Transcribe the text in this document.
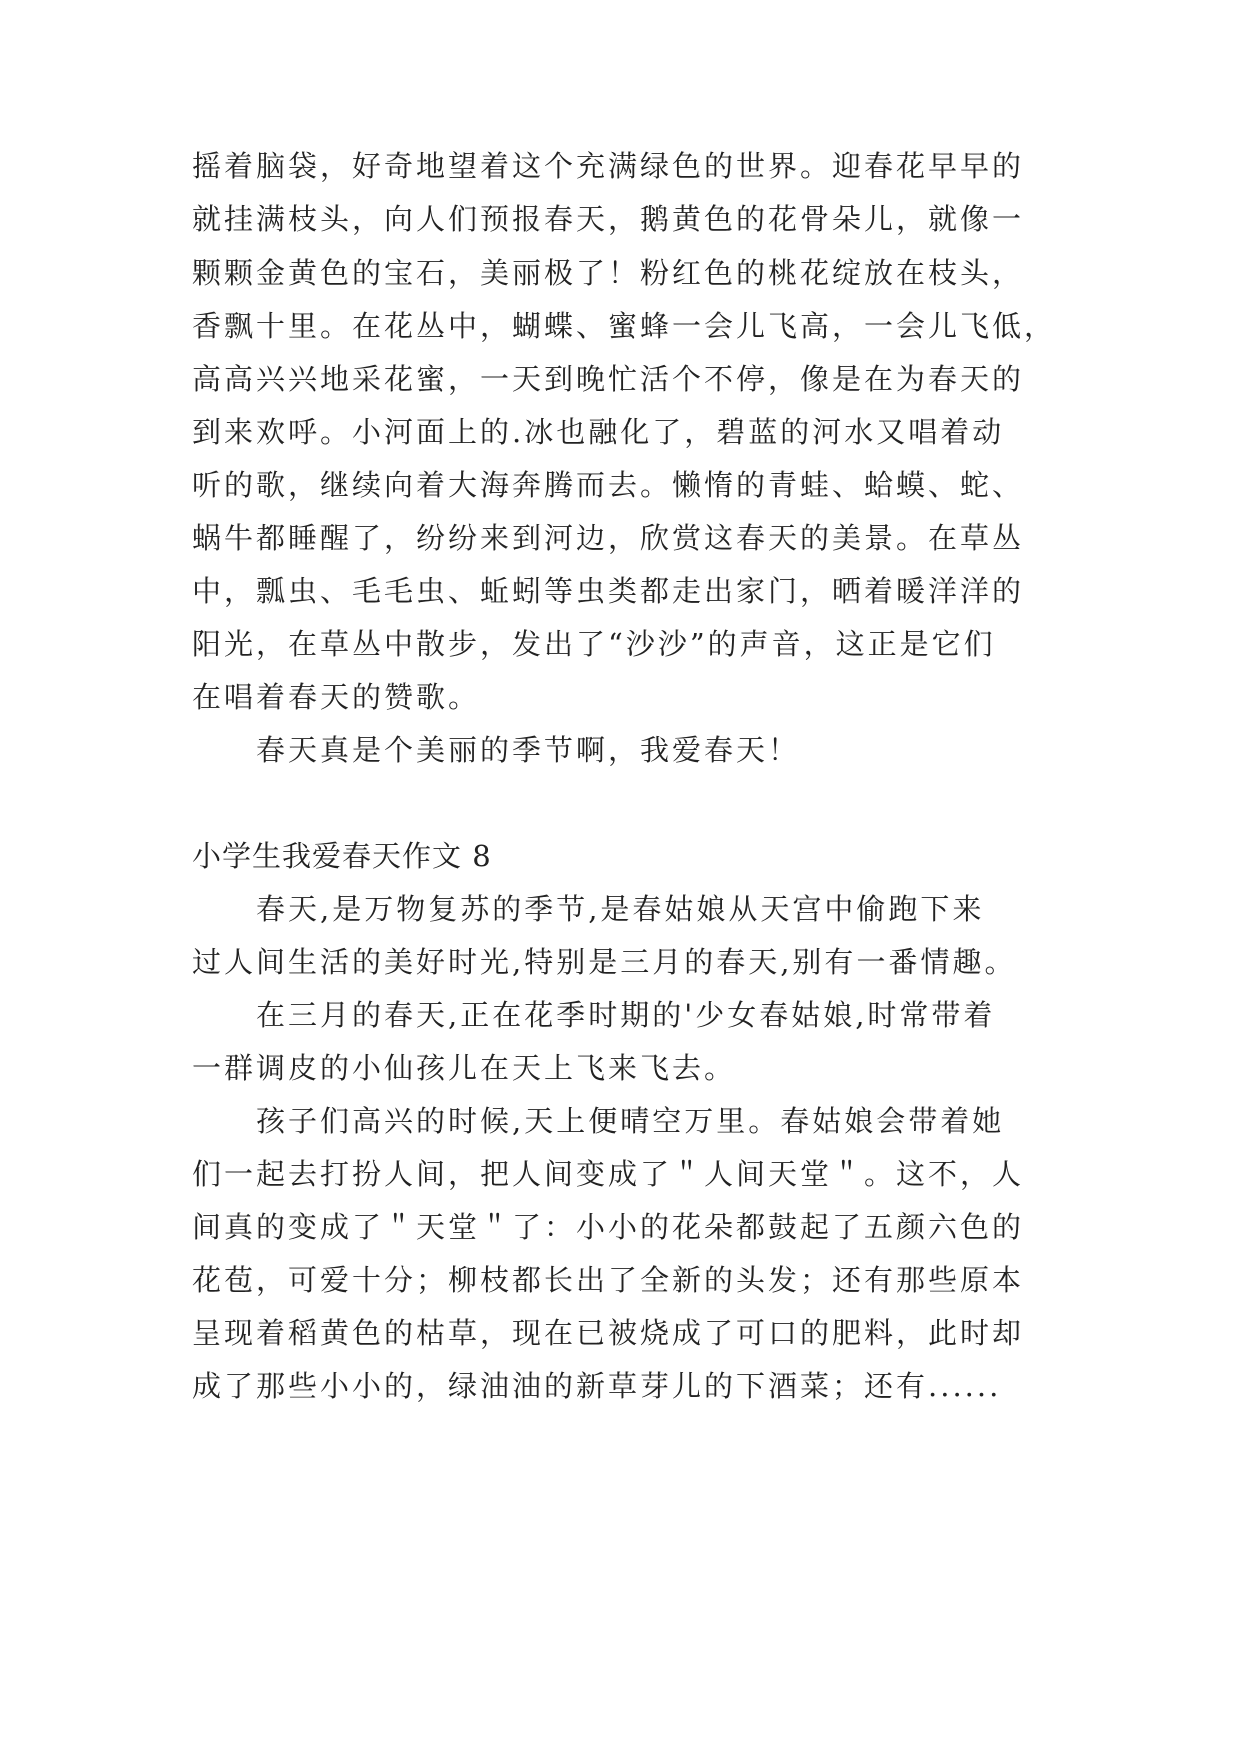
摇着脑袋，好奇地望着这个充满绿色的世界。迎春花早早的
就挂满枝头，向人们预报春天，鹅黄色的花骨朵儿，就像一
颗颗金黄色的宝石，美丽极了！粉红色的桃花绽放在枝头，
香飘十里。在花丛中，蝴蝶、蜜蜂一会儿飞高，一会儿飞低，
高高兴兴地采花蜜，一天到晚忙活个不停，像是在为春天的
到来欢呼。小河面上的.冰也融化了，碧蓝的河水又唱着动
听的歌，继续向着大海奔腾而去。懒惰的青蛙、蛤蟆、蛇、
蜗牛都睡醒了，纷纷来到河边，欣赏这春天的美景。在草丛
中，瓢虫、毛毛虫、蚯蚓等虫类都走出家门，晒着暖洋洋的
阳光，在草丛中散步，发出了“沙沙”的声音，这正是它们
在唱着春天的赞歌。
春天真是个美丽的季节啊，我爱春天！
小学生我爱春天作文 8
春天,是万物复苏的季节,是春姑娘从天宫中偷跑下来
过人间生活的美好时光,特别是三月的春天,别有一番情趣。
在三月的春天,正在花季时期的'少女春姑娘,时常带着
一群调皮的小仙孩儿在天上飞来飞去。
孩子们高兴的时候,天上便晴空万里。春姑娘会带着她
们一起去打扮人间，把人间变成了＂人间天堂＂。这不，人
间真的变成了＂天堂＂了：小小的花朵都鼓起了五颜六色的
花苞，可爱十分；柳枝都长出了全新的头发；还有那些原本
呈现着稻黄色的枯草，现在已被烧成了可口的肥料，此时却
成了那些小小的，绿油油的新草芽儿的下酒菜；还有......
